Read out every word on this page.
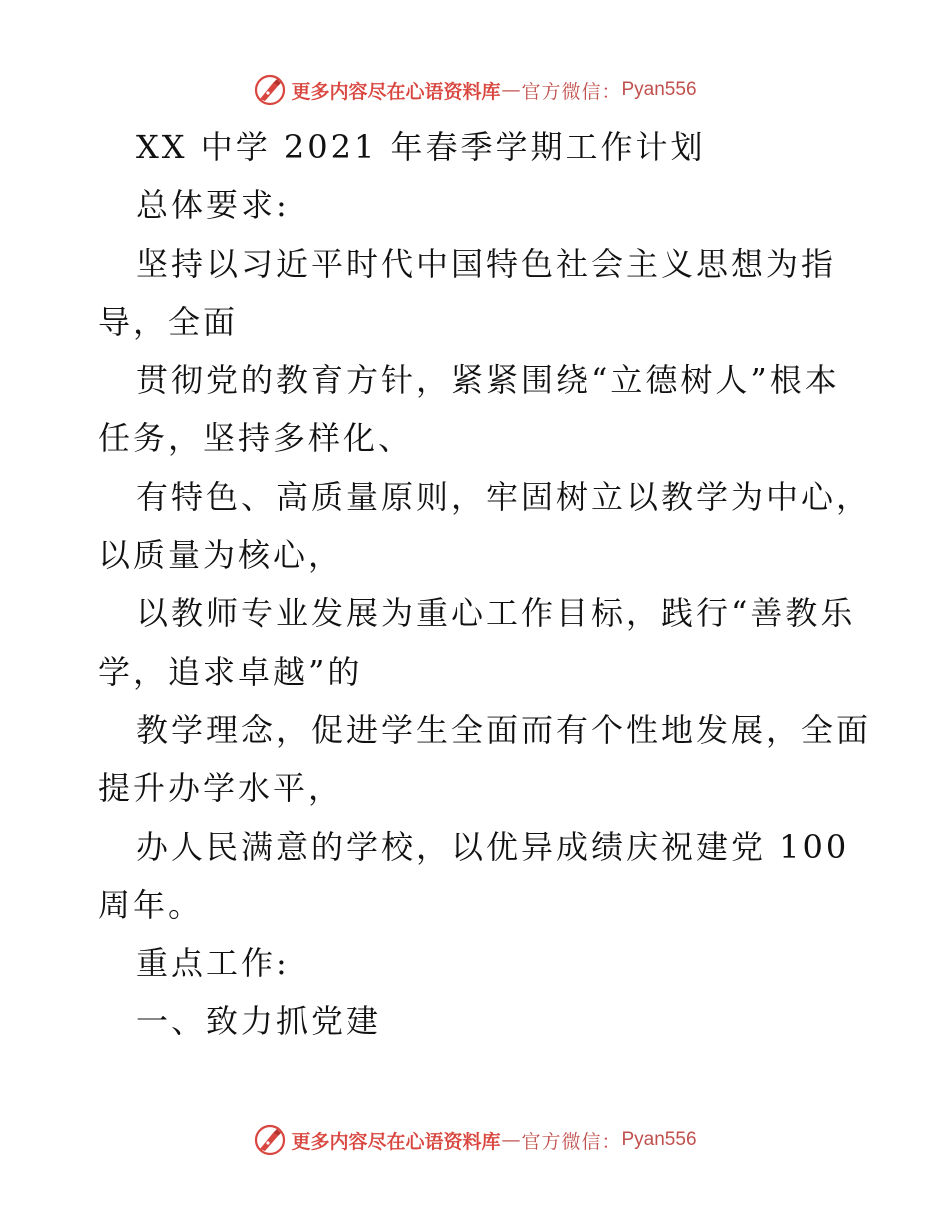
更多内容尽在心语资料库 — 官方微信： Pyan556
XX 中学 2021 年春季学期工作计划
总体要求:
坚持以习近平时代中国特色社会主义思想为指
导，全面
贯彻党的教育方针，紧紧围绕“立德树人”根本
任务，坚持多样化、
有特色、高质量原则，牢固树立以教学为中心，
以质量为核心，
以教师专业发展为重心工作目标，践行“善教乐
学，追求卓越”的
教学理念，促进学生全面而有个性地发展，全面
提升办学水平，
办人民满意的学校，以优异成绩庆祝建党 100
周年。
重点工作:
一、致力抓党建
更多内容尽在心语资料库 — 官方微信： Pyan556
